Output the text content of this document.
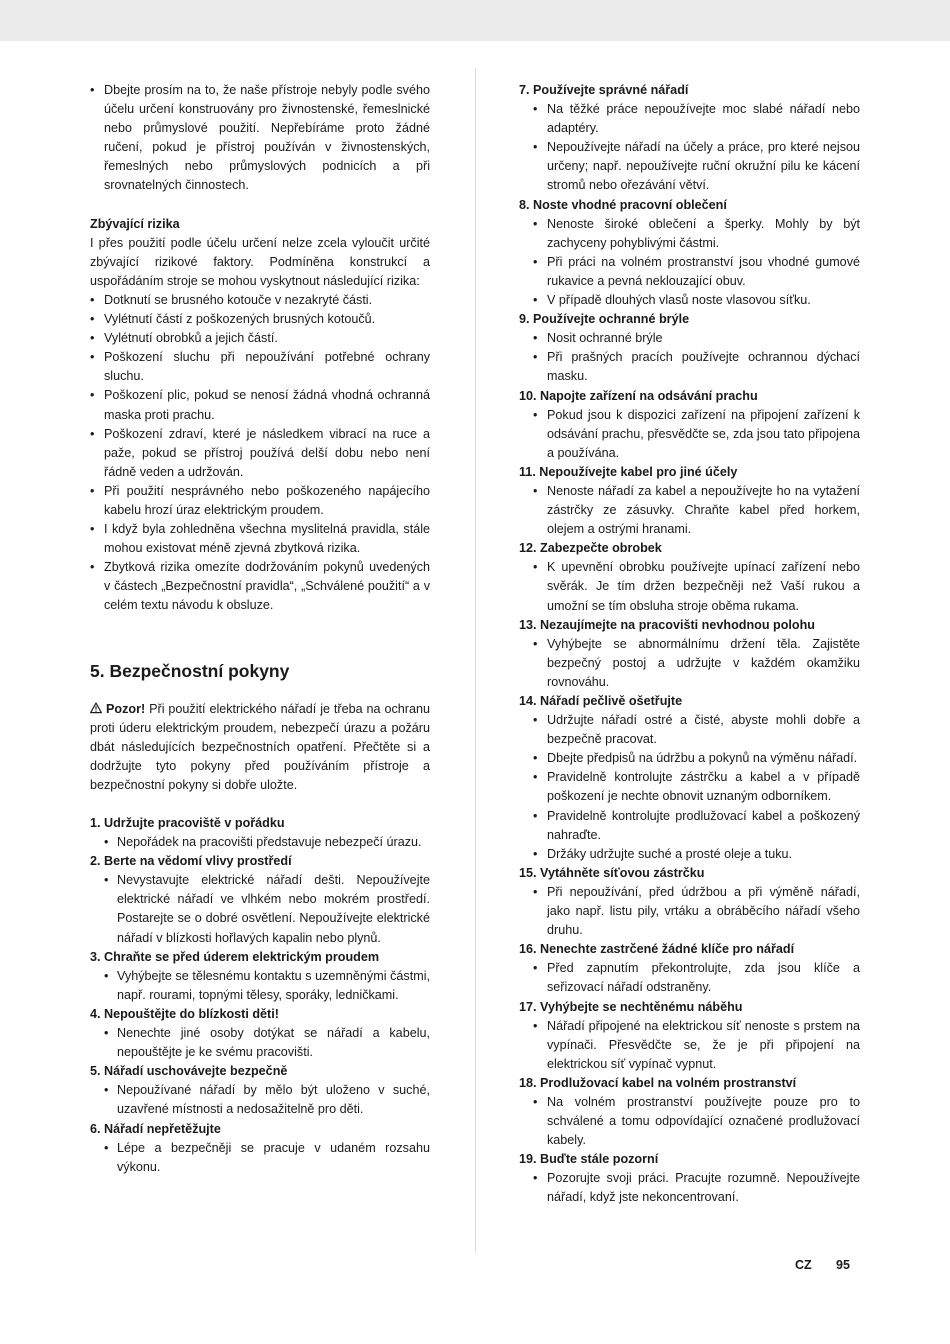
• Dbejte prosím na to, že naše přístroje nebyly podle svého účelu určení konstruovány pro živnostenské, řemeslnické nebo průmyslové použití. Nepřebíráme proto žádné ručení, pokud je přístroj používán v živnostenských, řemeslných nebo průmyslových podnicích a při srovnatelných činnostech.
Zbývající rizika

I přes použití podle účelu určení nelze zcela vyloučit určité zbývající rizikové faktory. Podmíněna konstrukcí a uspořádáním stroje se mohou vyskytnout následující rizika:

• Dotknutí se brusného kotouče v nezakryté části.
• Vylétnutí částí z poškozených brusných kotoučů.
• Vylétnutí obrobků a jejich částí.
• Poškození sluchu při nepoužívání potřebné ochrany sluchu.
• Poškození plic, pokud se nenosí žádná vhodná ochranná maska proti prachu.
• Poškození zdraví, které je následkem vibrací na ruce a paže, pokud se přístroj používá delší dobu nebo není řádně veden a udržován.
• Při použití nesprávného nebo poškozeného napájecího kabelu hrozí úraz elektrickým proudem.
• I když byla zohledněna všechna myslitelná pravidla, stále mohou existovat méně zjevná zbytková rizika.
• Zbytková rizika omezíte dodržováním pokynů uvedených v částech „Bezpečnostní pravidla“, „Schválené použití“ a v celém textu návodu k obsluze.
5. Bezpečnostní pokyny

Pozor! Při použití elektrického nářadí je třeba na ochranu proti úderu elektrickým proudem, nebezpečí úrazu a požáru dbát následujících bezpečnostních opatření. Přečtěte si a dodržujte tyto pokyny před používáním přístroje a bezpečnostní pokyny si dobře uložte.

1. Udržujte pracoviště v pořádku
• Nepořádek na pracovišti představuje nebezpečí úrazu.
2. Berte na vědomí vlivy prostředí
• Nevystavujte elektrické nářadí dešti. Nepoužívejte elektrické nářadí ve vlhkém nebo mokrém prostředí. Postarejte se o dobré osvětlení. Nepoužívejte elektrické nářadí v blízkosti hořlavých kapalin nebo plynů.
3. Chraňte se před úderem elektrickým proudem
• Vyhýbejte se tělesnému kontaktu s uzemněnými částmi, např. rourami, topnými tělesy, sporáky, ledničkami.
4. Nepouštějte do blízkosti děti!
• Nenechte jiné osoby dotýkat se nářadí a kabelu, nepouštějte je ke svému pracovišti.
5. Nářadí uschovávejte bezpečně
• Nepoužívané nářadí by mělo být uloženo v suché, uzavřené místnosti a nedosažitelně pro děti.
6. Nářadí nepřetěžujte
• Lépe a bezpečněji se pracuje v udaném rozsahu výkonu.
7. Používejte správné nářadí
• Na těžké práce nepoužívejte moc slabé nářadí nebo adaptéry.
• Nepoužívejte nářadí na účely a práce, pro které nejsou určeny; např. nepoužívejte ruční okružní pilu ke kácení stromů nebo ořezávání větví.
8. Noste vhodné pracovní oblečení
• Nenoste široké oblečení a šperky. Mohly by být zachyceny pohyblivými částmi.
• Při práci na volném prostranství jsou vhodné gumové rukavice a pevná neklouzající obuv.
• V případě dlouhých vlasů noste vlasovou síťku.
9. Používejte ochranné brýle
• Nosit ochranné brýle
• Při prašných pracích používejte ochrannou dýchací masku.
10. Napojte zařízení na odsávání prachu
• Pokud jsou k dispozici zařízení na připojení zařízení k odsávání prachu, přesvědčte se, zda jsou tato připojena a používána.
11. Nepoužívejte kabel pro jiné účely
• Nenoste nářadí za kabel a nepoužívejte ho na vytažení zástrčky ze zásuvky. Chraňte kabel před horkem, olejem a ostrými hranami.
12. Zabezpečte obrobek
• K upevnění obrobku používejte upínací zařízení nebo svěrák. Je tím držen bezpečněji než Vaší rukou a umožní se tím obsluha stroje oběma rukama.
13. Nezaujímejte na pracovišti nevhodnou polohu
• Vyhýbejte se abnormálnímu držení těla. Zajistěte bezpečný postoj a udržujte v každém okamžiku rovnováhu.
14. Nářadí pečlivě ošetřujte
• Udržujte nářadí ostré a čisté, abyste mohli dobře a bezpečně pracovat.
• Dbejte předpisů na údržbu a pokynů na výměnu nářadí.
• Pravidelně kontrolujte zástrčku a kabel a v případě poškození je nechte obnovit uznaným odborníkem.
• Pravidelně kontrolujte prodlužovací kabel a poškozený nahraďte.
• Držáky udržujte suché a prosté oleje a tuku.
15. Vytáhněte síťovou zástrčku
• Při nepoužívání, před údržbou a při výměně nářadí, jako např. listu pily, vrtáku a obráběcího nářadí všeho druhu.
16. Nenechte zastrčené žádné klíče pro nářadí
• Před zapnutím překontrolujte, zda jsou klíče a seřizovací nářadí odstraněny.
17. Vyhýbejte se nechtěnému náběhu
• Nářadí připojené na elektrickou síť nenoste s prstem na vypínači. Přesvědčte se, že je při připojení na elektrickou síť vypínač vypnut.
18. Prodlužovací kabel na volném prostranství
• Na volném prostranství používejte pouze pro to schválené a tomu odpovídající označené prodlužovací kabely.
19. Buďte stále pozorní
• Pozorujte svoji práci. Pracujte rozumně. Nepoužívejte nářadí, když jste nekoncentrovaní.
CZ 95
